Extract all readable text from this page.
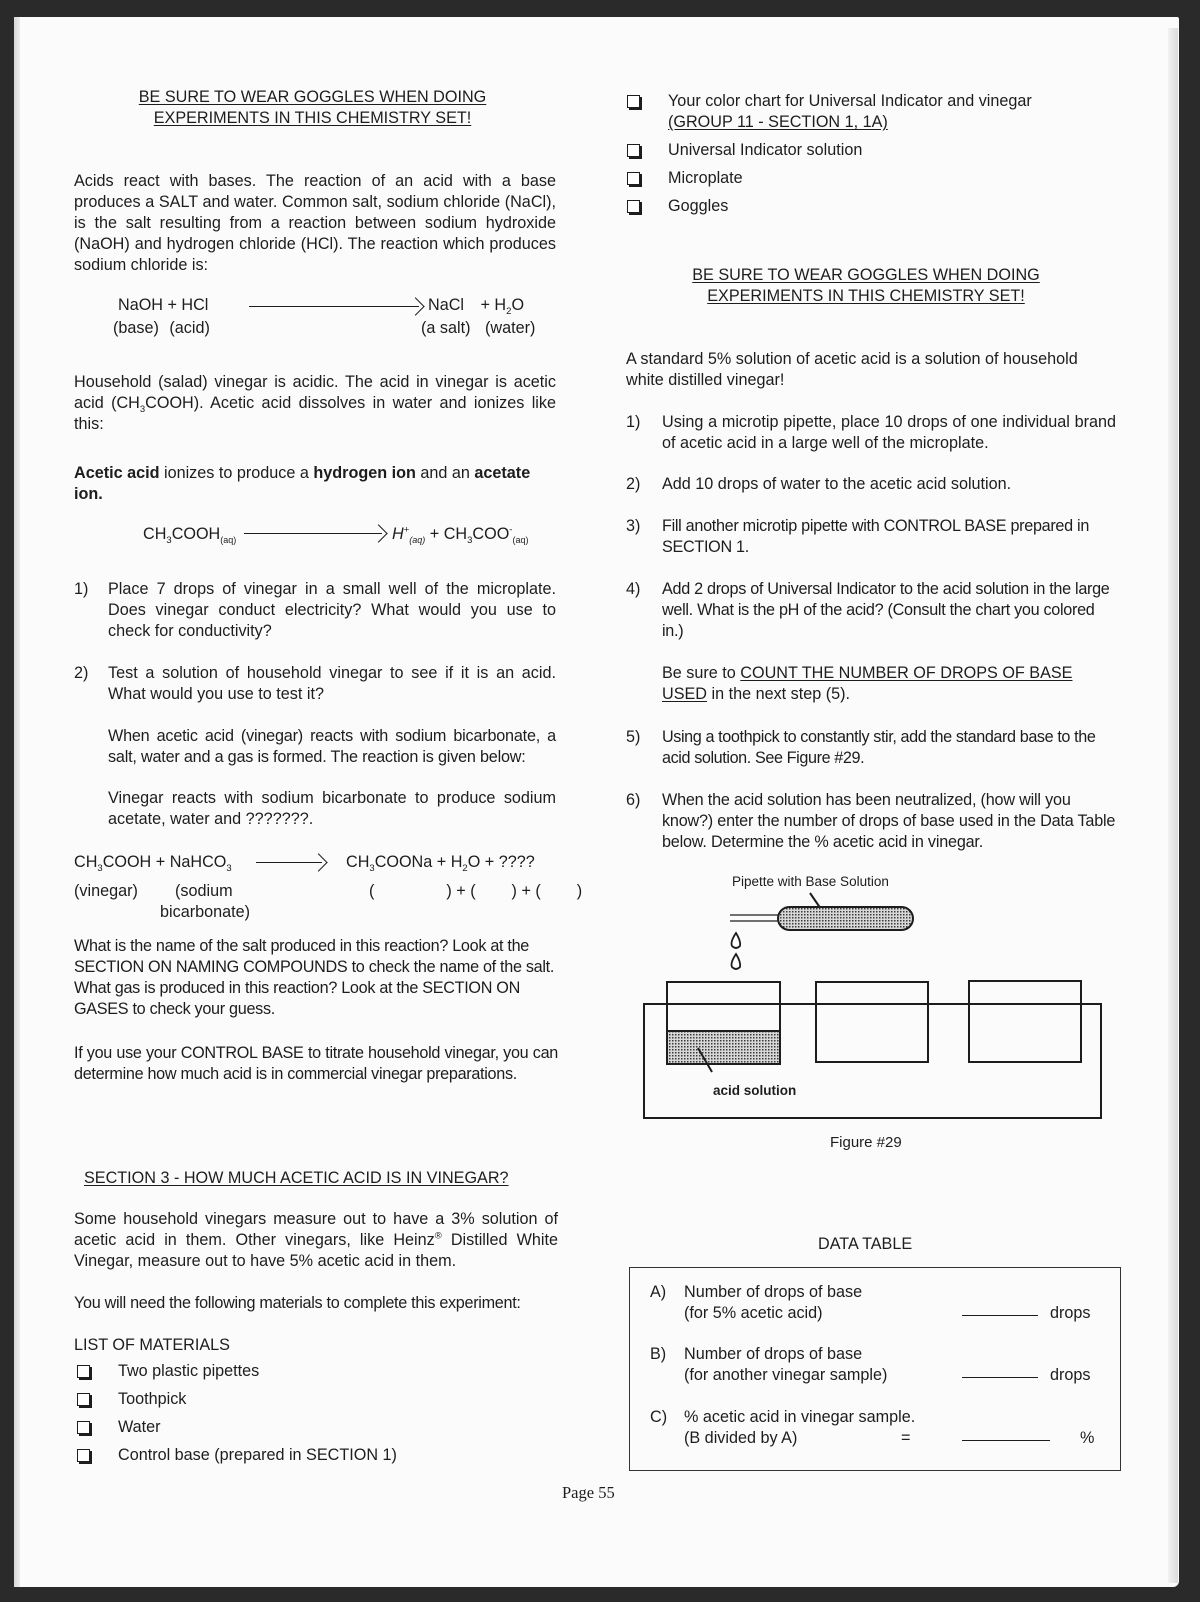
BE SURE TO WEAR GOGGLES WHEN DOING
EXPERIMENTS IN THIS CHEMISTRY SET!
Acids react with bases. The reaction of an acid with a base produces a SALT and water. Common salt, sodium chloride (NaCl), is the salt resulting from a reaction between sodium hydroxide (NaOH) and hydrogen chloride (HCl). The reaction which produces sodium chloride is:
NaOH + HCl
(base) (acid)
NaCl + $H_2O$
(a salt) (water)
Household (salad) vinegar is acidic. The acid in vinegar is acetic acid $(CH_3COOH)$. Acetic acid dissolves in water and ionizes like this:
Acetic acid ionizes to produce a hydrogen ion and an acetate ion.
$CH_3COOH_{(aq)}$	$H^+_{(aq)} + CH_3COO^-_{(aq)}$
1) Place 7 drops of vinegar in a small well of the microplate. Does vinegar conduct electricity? What would you use to check for conductivity?
2) Test a solution of household vinegar to see if it is an acid. What would you use to test it?
When acetic acid (vinegar) reacts with sodium bicarbonate, a salt, water and a gas is formed. The reaction is given below:
Vinegar reacts with sodium bicarbonate to produce sodium acetate, water and ???????.
$CH_3COOH$ + NaHCO$_3$	$CH_3COONa + H_2O$ + ????
(vinegar) (sodium
bicarbonate)
(                ) + (        ) + (        )
What is the name of the salt produced in this reaction? Look at the SECTION ON NAMING COMPOUNDS to check the name of the salt. What gas is produced in this reaction? Look at the SECTION ON GASES to check your guess.
If you use your CONTROL BASE to titrate household vinegar, you can determine how much acid is in commercial vinegar preparations.
SECTION 3 - HOW MUCH ACETIC ACID IS IN VINEGAR?
Some household vinegars measure out to have a 3% solution of acetic acid in them. Other vinegars, like Heinz® Distilled White Vinegar, measure out to have 5% acetic acid in them.
You will need the following materials to complete this experiment:
LIST OF MATERIALS
Two plastic pipettes
Toothpick
Water
Control base (prepared in SECTION 1)
Your color chart for Universal Indicator and vinegar
(GROUP 11 - SECTION 1, 1A)
Universal Indicator solution
Microplate
Goggles
BE SURE TO WEAR GOGGLES WHEN DOING
EXPERIMENTS IN THIS CHEMISTRY SET!
A standard 5% solution of acetic acid is a solution of household white distilled vinegar!
1) Using a microtip pipette, place 10 drops of one individual brand of acetic acid in a large well of the microplate.
2) Add 10 drops of water to the acetic acid solution.
3) Fill another microtip pipette with CONTROL BASE prepared in SECTION 1.
4) Add 2 drops of Universal Indicator to the acid solution in the large well. What is the pH of the acid? (Consult the chart you colored in.)
Be sure to COUNT THE NUMBER OF DROPS OF BASE
USED in the next step (5).
5) Using a toothpick to constantly stir, add the standard base to the acid solution. See Figure #29.
6) When the acid solution has been neutralized, (how will you know?) enter the number of drops of base used in the Data Table below. Determine the % acetic acid in vinegar.
Pipette with Base Solution
acid solution
Figure #29
DATA TABLE
A) Number of drops of base
(for 5% acetic acid)	drops
B) Number of drops of base
(for another vinegar sample)	drops
C) % acetic acid in vinegar sample.
(B divided by A)	=	%
Page 55
